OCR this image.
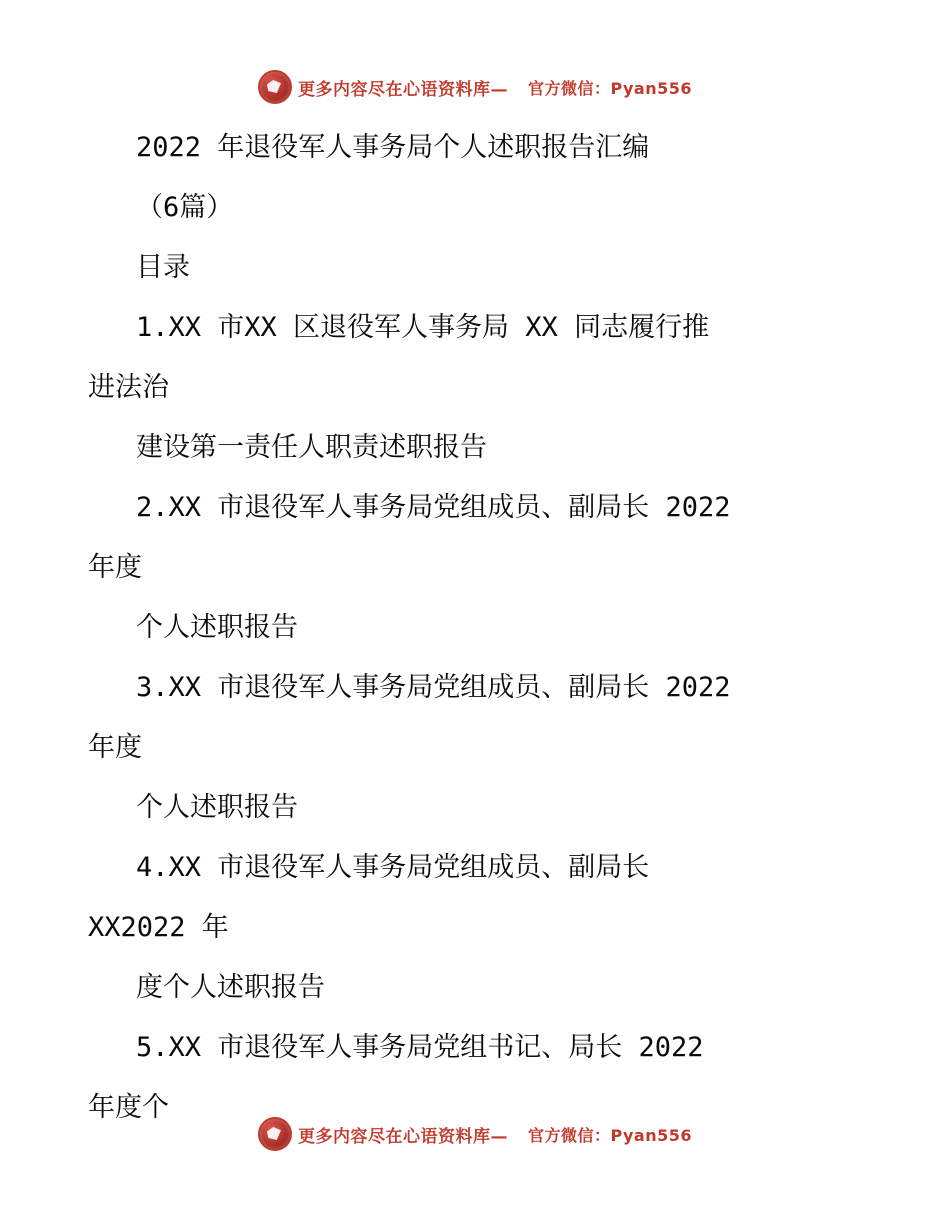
更多内容尽在心语资料库— 官方微信：Pyan556
2022 年退役军人事务局个人述职报告汇编
（6篇）
目录
1.XX 市XX 区退役军人事务局 XX 同志履行推
进法治
建设第一责任人职责述职报告
2.XX 市退役军人事务局党组成员、副局长 2022
年度
个人述职报告
3.XX 市退役军人事务局党组成员、副局长 2022
年度
个人述职报告
4.XX 市退役军人事务局党组成员、副局长
XX2022 年
度个人述职报告
5.XX 市退役军人事务局党组书记、局长 2022
年度个
更多内容尽在心语资料库— 官方微信：Pyan556
